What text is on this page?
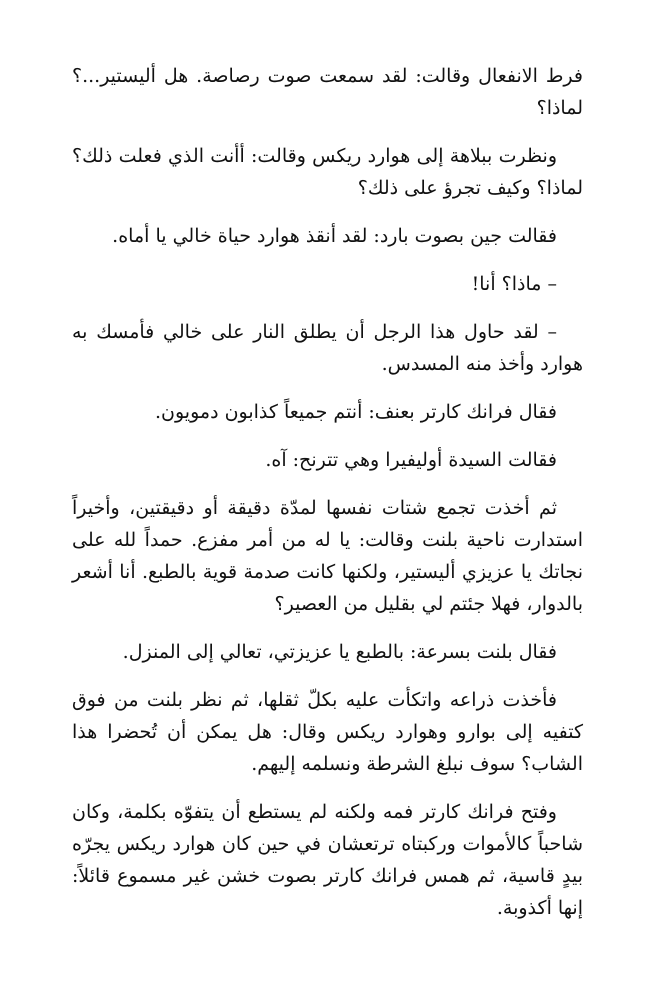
فرط الانفعال وقالت: لقد سمعت صوت رصاصة. هل أليستير...؟ لماذا؟

ونظرت ببلاهة إلى هوارد ريكس وقالت: أأنت الذي فعلت ذلك؟ لماذا؟ وكيف تجرؤ على ذلك؟

فقالت جين بصوت بارد: لقد أنقذ هوارد حياة خالي يا أماه.

– ماذا؟ أنا!

– لقد حاول هذا الرجل أن يطلق النار على خالي فأمسك به هوارد وأخذ منه المسدس.

فقال فرانك كارتر بعنف: أنتم جميعاً كذابون دمويون.

فقالت السيدة أوليفيرا وهي تترنح: آه.

ثم أخذت تجمع شتات نفسها لمدّة دقيقة أو دقيقتين، وأخيراً استدارت ناحية بلنت وقالت: يا له من أمر مفزع. حمداً لله على نجاتك يا عزيزي أليستير، ولكنها كانت صدمة قوية بالطبع. أنا أشعر بالدوار، فهلا جئتم لي بقليل من العصير؟

فقال بلنت بسرعة: بالطبع يا عزيزتي، تعالي إلى المنزل.

فأخذت ذراعه واتكأت عليه بكلّ ثقلها، ثم نظر بلنت من فوق كتفيه إلى بوارو وهوارد ريكس وقال: هل يمكن أن تُحضرا هذا الشاب؟ سوف نبلغ الشرطة ونسلمه إليهم.

وفتح فرانك كارتر فمه ولكنه لم يستطع أن يتفوّه بكلمة، وكان شاحباً كالأموات وركبتاه ترتعشان في حين كان هوارد ريكس يجرّه بيدٍ قاسية، ثم همس فرانك كارتر بصوت خشن غير مسموع قائلاً: إنها أكذوبة.
